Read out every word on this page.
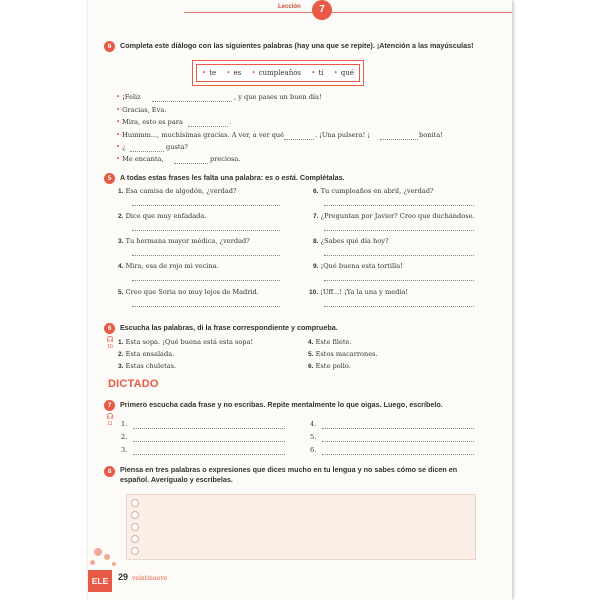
Lección	7
6	Completa este diálogo con las siguientes palabras (hay una que se repite). ¡Atención a las mayúsculas!
• te	• es	• cumpleaños	• ti	• qué
• ¡Feliz	, y que pases un buen día!
• Gracias, Eva.
• Mira, esto es para	.
• Hummm..., muchísimas gracias. A ver, a ver qué	. ¡Una pulsera! ¡	bonita!
• ¿	gusta?
• Me encanta,	preciosa.
5	A todas estas frases les falta una palabra: es o está. Complétalas.
1. Esa camisa de algodón, ¿verdad?
2. Dice que muy enfadada.
3. Tu hermana mayor médica, ¿verdad?
4. Mira, esa de rojo mi vecina.
5. Creo que Soria no muy lejos de Madrid.
6. Tu cumpleaños en abril, ¿verdad?
7. ¿Preguntan por Javier? Creo que duchándose.
8. ¿Sabes qué día hoy?
9. ¡Qué buena esta tortilla!
10. ¡Uff...! ¡Ya la una y media!
6	Escucha las palabras, di la frase correspondiente y comprueba.
☊
10
1. Esta sopa. ¡Qué buena está esta sopa!
2. Esta ensalada.
3. Estas chuletas.
4. Este filete.
5. Estos macarrones.
6. Este pollo.
DICTADO
7	Primero escucha cada frase y no escribas. Repite mentalmente lo que oigas. Luego, escríbelo.
☊
11	1.
2.
3.
4.
5.
6.
8	Piensa en tres palabras o expresiones que dices mucho en tu lengua y no sabes cómo se dicen en
español. Averígualo y escríbelas.
ELE	29 veintinueve
